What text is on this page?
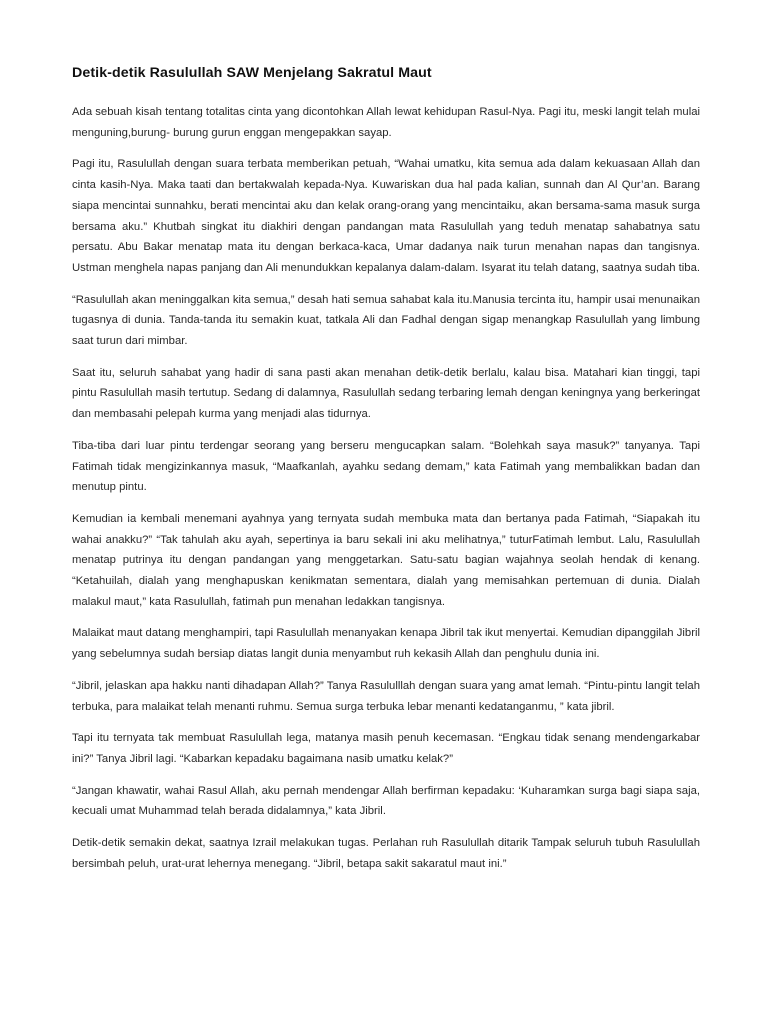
Detik-detik Rasulullah SAW Menjelang Sakratul Maut

Ada sebuah kisah tentang totalitas cinta yang dicontohkan Allah lewat kehidupan Rasul-Nya. Pagi itu, meski langit telah mulai menguning,burung- burung gurun enggan mengepakkan sayap.

Pagi itu, Rasulullah dengan suara terbata memberikan petuah, “Wahai umatku, kita semua ada dalam kekuasaan Allah dan cinta kasih-Nya. Maka taati dan bertakwalah kepada-Nya. Kuwariskan dua hal pada kalian, sunnah dan Al Qur’an. Barang siapa mencintai sunnahku, berati mencintai aku dan kelak orang-orang yang mencintaiku, akan bersama-sama masuk surga bersama aku.” Khutbah singkat itu diakhiri dengan pandangan mata Rasulullah yang teduh menatap sahabatnya satu persatu. Abu Bakar menatap mata itu dengan berkaca-kaca, Umar dadanya naik turun menahan napas dan tangisnya. Ustman menghela napas panjang dan Ali menundukkan kepalanya dalam-dalam. Isyarat itu telah datang, saatnya sudah tiba.

“Rasulullah akan meninggalkan kita semua,” desah hati semua sahabat kala itu.Manusia tercinta itu, hampir usai menunaikan tugasnya di dunia. Tanda-tanda itu semakin kuat, tatkala Ali dan Fadhal dengan sigap menangkap Rasulullah yang limbung saat turun dari mimbar.

Saat itu, seluruh sahabat yang hadir di sana pasti akan menahan detik-detik berlalu, kalau bisa. Matahari kian tinggi, tapi pintu Rasulullah masih tertutup. Sedang di dalamnya, Rasulullah sedang terbaring lemah dengan keningnya yang berkeringat dan membasahi pelepah kurma yang menjadi alas tidurnya.

Tiba-tiba dari luar pintu terdengar seorang yang berseru mengucapkan salam. “Bolehkah saya masuk?” tanyanya. Tapi Fatimah tidak mengizinkannya masuk, “Maafkanlah, ayahku sedang demam,” kata Fatimah yang membalikkan badan dan menutup pintu.

Kemudian ia kembali menemani ayahnya yang ternyata sudah membuka mata dan bertanya pada Fatimah, “Siapakah itu wahai anakku?” “Tak tahulah aku ayah, sepertinya ia baru sekali ini aku melihatnya,” tuturFatimah lembut. Lalu, Rasulullah menatap putrinya itu dengan pandangan yang menggetarkan. Satu-satu bagian wajahnya seolah hendak di kenang. “Ketahuilah, dialah yang menghapuskan kenikmatan sementara, dialah yang memisahkan pertemuan di dunia. Dialah malakul maut,” kata Rasulullah, fatimah pun menahan ledakkan tangisnya.

Malaikat maut datang menghampiri, tapi Rasulullah menanyakan kenapa Jibril tak ikut menyertai. Kemudian dipanggilah Jibril yang sebelumnya sudah bersiap diatas langit dunia menyambut ruh kekasih Allah dan penghulu dunia ini.

“Jibril, jelaskan apa hakku nanti dihadapan Allah?” Tanya Rasululllah dengan suara yang amat lemah. “Pintu-pintu langit telah terbuka, para malaikat telah menanti ruhmu. Semua surga terbuka lebar menanti kedatanganmu, ” kata jibril.

Tapi itu ternyata tak membuat Rasulullah lega, matanya masih penuh kecemasan. “Engkau tidak senang mendengarkabar ini?” Tanya Jibril lagi. “Kabarkan kepadaku bagaimana nasib umatku kelak?”

“Jangan khawatir, wahai Rasul Allah, aku pernah mendengar Allah berfirman kepadaku: ‘Kuharamkan surga bagi siapa saja, kecuali umat Muhammad telah berada didalamnya,” kata Jibril.

Detik-detik semakin dekat, saatnya Izrail melakukan tugas. Perlahan ruh Rasulullah ditarik Tampak seluruh tubuh Rasulullah bersimbah peluh, urat-urat lehernya menegang. “Jibril, betapa sakit sakaratul maut ini.”
